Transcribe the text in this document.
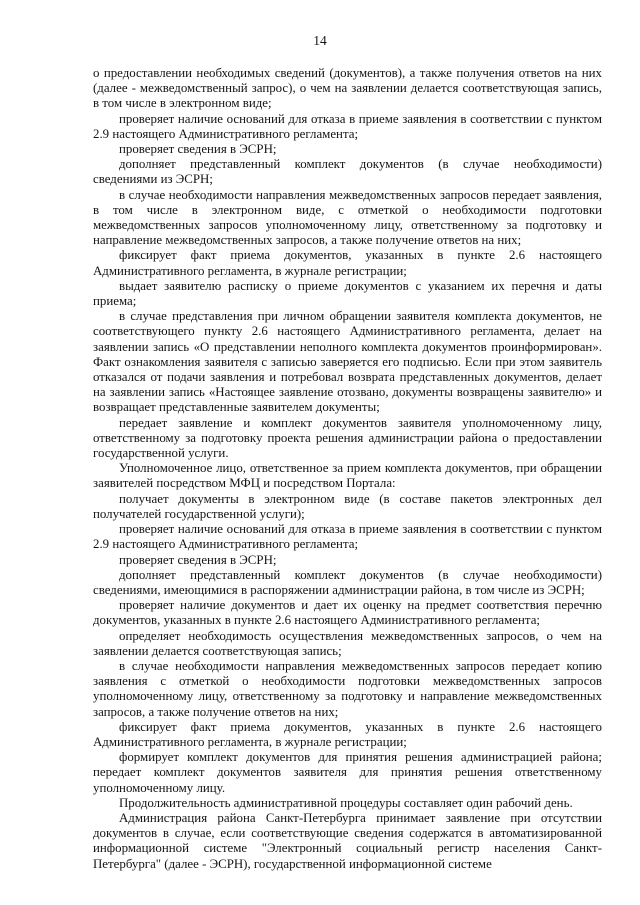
14

о предоставлении необходимых сведений (документов), а также получения ответов на них (далее - межведомственный запрос), о чем на заявлении делается соответствующая запись, в том числе в электронном виде;

проверяет наличие оснований для отказа в приеме заявления в соответствии с пунктом 2.9 настоящего Административного регламента;

проверяет сведения в ЭСРН;

дополняет представленный комплект документов (в случае необходимости) сведениями из ЭСРН;

в случае необходимости направления межведомственных запросов передает заявления, в том числе в электронном виде, с отметкой о необходимости подготовки межведомственных запросов уполномоченному лицу, ответственному за подготовку и направление межведомственных запросов, а также получение ответов на них;

фиксирует факт приема документов, указанных в пункте 2.6 настоящего Административного регламента, в журнале регистрации;

выдает заявителю расписку о приеме документов с указанием их перечня и даты приема;

в случае представления при личном обращении заявителя комплекта документов, не соответствующего пункту 2.6 настоящего Административного регламента, делает на заявлении запись «О представлении неполного комплекта документов проинформирован». Факт ознакомления заявителя с записью заверяется его подписью. Если при этом заявитель отказался от подачи заявления и потребовал возврата представленных документов, делает на заявлении запись «Настоящее заявление отозвано, документы возвращены заявителю» и возвращает представленные заявителем документы;

передает заявление и комплект документов заявителя уполномоченному лицу, ответственному за подготовку проекта решения администрации района о предоставлении государственной услуги.

Уполномоченное лицо, ответственное за прием комплекта документов, при обращении заявителей посредством МФЦ и посредством Портала:

получает документы в электронном виде (в составе пакетов электронных дел получателей государственной услуги);

проверяет наличие оснований для отказа в приеме заявления в соответствии с пунктом 2.9 настоящего Административного регламента;

проверяет сведения в ЭСРН;

дополняет представленный комплект документов (в случае необходимости) сведениями, имеющимися в распоряжении администрации района, в том числе из ЭСРН;

проверяет наличие документов и дает их оценку на предмет соответствия перечню документов, указанных в пункте 2.6 настоящего Административного регламента;

определяет необходимость осуществления межведомственных запросов, о чем на заявлении делается соответствующая запись;

в случае необходимости направления межведомственных запросов передает копию заявления с отметкой о необходимости подготовки межведомственных запросов уполномоченному лицу, ответственному за подготовку и направление межведомственных запросов, а также получение ответов на них;

фиксирует факт приема документов, указанных в пункте 2.6 настоящего Административного регламента, в журнале регистрации;

формирует комплект документов для принятия решения администрацией района; передает комплект документов заявителя для принятия решения ответственному уполномоченному лицу.

Продолжительность административной процедуры составляет один рабочий день.

Администрация района Санкт-Петербурга принимает заявление при отсутствии документов в случае, если соответствующие сведения содержатся в автоматизированной информационной системе "Электронный социальный регистр населения Санкт-Петербурга" (далее - ЭСРН), государственной информационной системе
